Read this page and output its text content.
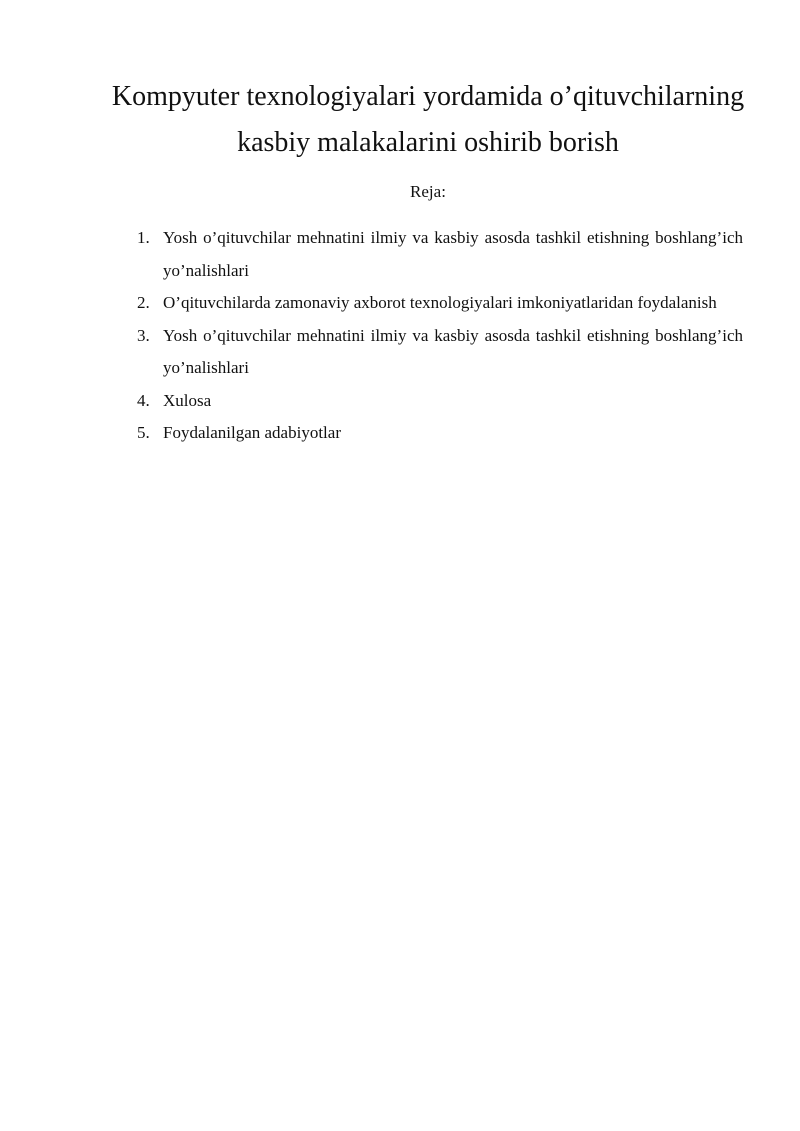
Kompyuter texnologiyalari yordamida o’qituvchilarning kasbiy malakalarini oshirib borish

Reja:

1. Yosh o’qituvchilar mehnatini ilmiy va kasbiy asosda tashkil etishning boshlang’ich yo’nalishlari
2. O’qituvchilarda zamonaviy axborot texnologiyalari imkoniyatlaridan foydalanish
3. Yosh o’qituvchilar mehnatini ilmiy va kasbiy asosda tashkil etishning boshlang’ich yo’nalishlari
4. Xulosa
5. Foydalanilgan adabiyotlar
